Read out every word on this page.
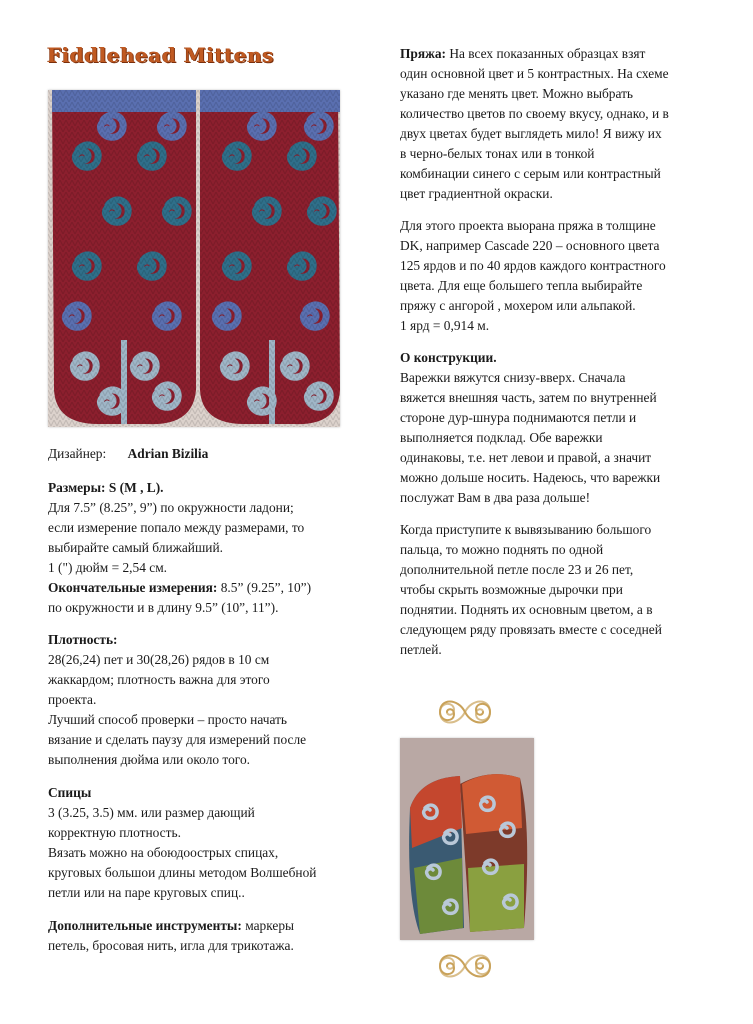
Fiddlehead Mittens

Дизайнер: Adrian Bizilia

Размеры: S (M , L).
Для 7.5” (8.25”, 9”) по окружности ладони;
если измерение попало между размерами, то
выбирайте самый ближайший.
1 (") дюйм = 2,54 см.
Окончательные измерения: 8.5” (9.25”, 10”)
по окружности и в длину 9.5” (10”, 11”).

Плотность:
28(26,24) пет и 30(28,26) рядов в 10 см
жаккардом; плотность важна для этого
проекта.
Лучший способ проверки – просто начать
вязание и сделать паузу для измерений после
выполнения дюйма или около того.

Спицы
3 (3.25, 3.5) мм. или размер дающий
корректную плотность.
Вязать можно на обоюдоострых спицах,
круговых большои длины методом Волшебной
петли или на паре круговых спиц..

Дополнительные инструменты: маркеры
петель, бросовая нить, игла для трикотажа.

Пряжа: На всех показанных образцах взят
один основной цвет и 5 контрастных. На схеме
указано где менять цвет. Можно выбрать
количество цветов по своему вкусу, однако, и в
двух цветах будет выглядеть мило! Я вижу их
в черно-белых тонах или в тонкой
комбинации синего с серым или контрастный
цвет градиентной окраски.

Для этого проекта выорана пряжа в толщине
DK, например Cascade 220 – основного цвета
125 ярдов и по 40 ярдов каждого контрастного
цвета. Для еще большего тепла выбирайте
пряжу с ангорой , мохером или альпакой.
1 ярд = 0,914 м.

О конструкции.
Варежки вяжутся снизу-вверх. Сначала
вяжется внешняя часть, затем по внутренней
стороне дур-шнура поднимаются петли и
выполняется подклад. Обе варежки
одинаковы, т.е. нет левои и правой, а значит
можно дольше носить. Надеюсь, что варежки
послужат Вам в два раза дольше!

Когда приступите к вывязыванию большого
пальца, то можно поднять по одной
дополнительной петле после 23 и 26 пет,
чтобы скрыть возможные дырочки при
поднятии. Поднять их основным цветом, а в
следующем ряду провязать вместе с соседней
петлей.
